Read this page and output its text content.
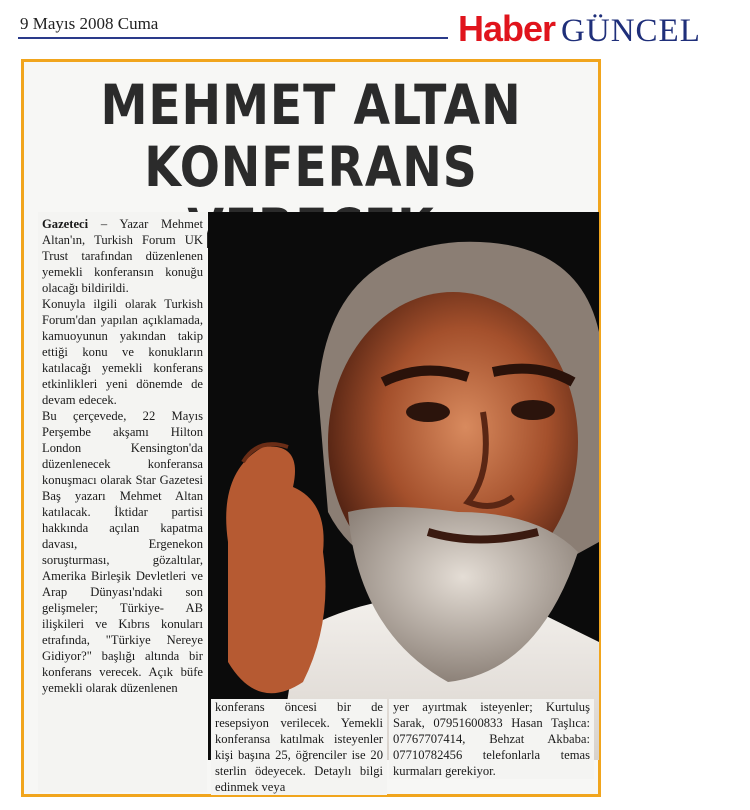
9 Mayıs 2008 Cuma	Haber GÜNCEL
MEHMET ALTAN
KONFERANS

Gazeteci – Yazar Mehmet Altan'ın, Turkish Forum UK Trust tarafından düzenlenen yemekli konferansın konuğu olacağı bildirildi.

Konuyla ilgili olarak Turkish Forum'dan yapılan açıklamada, kamuoyunun yakından takip ettiği konu ve konukların katılacağı yemekli konferans etkinlikleri yeni dönemde de devam edecek.

Bu çerçevede, 22 Mayıs Perşembe akşamı Hilton London Kensington'da düzenlenecek konferansa konuşmacı olarak Star Gazetesi Baş yazarı Mehmet Altan katılacak. İktidar partisi hakkında açılan kapatma davası, Ergenekon soruşturması, gözaltılar, Amerika Birleşik Devletleri ve Arap Dünyası'ndaki son gelişmeler; Türkiye- AB ilişkileri ve Kıbrıs konuları etrafında, "Türkiye Nereye Gidiyor?" başlığı altında bir konferans verecek. Açık büfe yemekli olarak düzenlenen

konferans öncesi bir de resepsiyon verilecek. Yemekli konferansa katılmak isteyenler kişi başına 25, öğrenciler ise 20 sterlin ödeyecek. Detaylı bilgi edinmek veya
yer ayırtmak isteyenler; Kurtuluş Sarak, 07951600833 Hasan Taşlıca: 07767707414, Behzat Akbaba: 07710782456 telefonlarla temas kurmaları gerekiyor.
